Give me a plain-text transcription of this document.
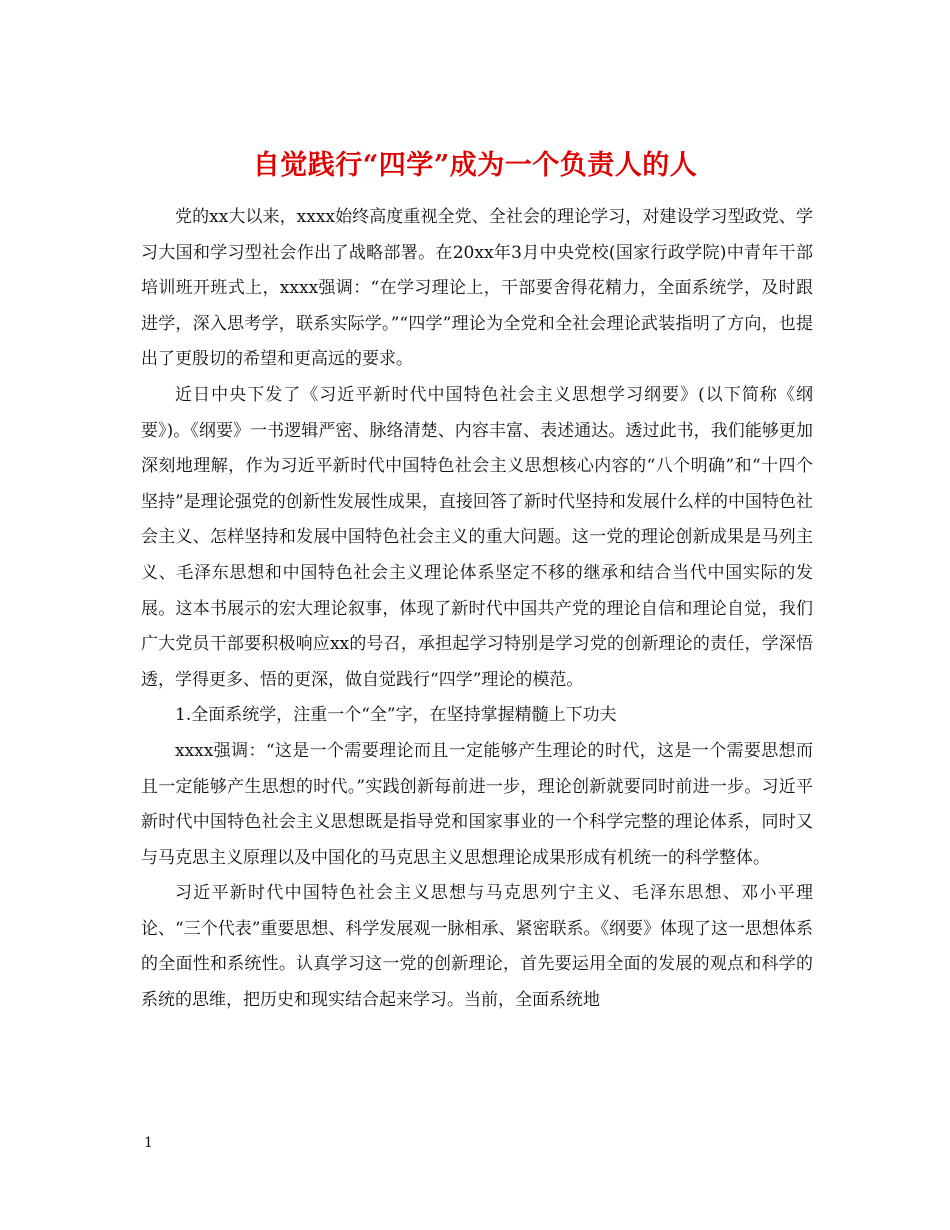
自觉践行“四学”成为一个负责人的人

党的xx大以来，xxxx始终高度重视全党、全社会的理论学习，对建设学习型政党、学习大国和学习型社会作出了战略部署。在20xx年3月中央党校(国家行政学院)中青年干部培训班开班式上，xxxx强调：“在学习理论上，干部要舍得花精力，全面系统学，及时跟进学，深入思考学，联系实际学。”“四学”理论为全党和全社会理论武装指明了方向，也提出了更殷切的希望和更高远的要求。

近日中央下发了《习近平新时代中国特色社会主义思想学习纲要》(以下简称《纲要》)。《纲要》一书逻辑严密、脉络清楚、内容丰富、表述通达。透过此书，我们能够更加深刻地理解，作为习近平新时代中国特色社会主义思想核心内容的“八个明确”和“十四个坚持”是理论强党的创新性发展性成果，直接回答了新时代坚持和发展什么样的中国特色社会主义、怎样坚持和发展中国特色社会主义的重大问题。这一党的理论创新成果是马列主义、毛泽东思想和中国特色社会主义理论体系坚定不移的继承和结合当代中国实际的发展。这本书展示的宏大理论叙事，体现了新时代中国共产党的理论自信和理论自觉，我们广大党员干部要积极响应xx的号召，承担起学习特别是学习党的创新理论的责任，学深悟透，学得更多、悟的更深，做自觉践行“四学”理论的模范。

1.全面系统学，注重一个“全”字，在坚持掌握精髓上下功夫

xxxx强调：“这是一个需要理论而且一定能够产生理论的时代，这是一个需要思想而且一定能够产生思想的时代。”实践创新每前进一步，理论创新就要同时前进一步。习近平新时代中国特色社会主义思想既是指导党和国家事业的一个科学完整的理论体系，同时又与马克思主义原理以及中国化的马克思主义思想理论成果形成有机统一的科学整体。

习近平新时代中国特色社会主义思想与马克思列宁主义、毛泽东思想、邓小平理论、“三个代表”重要思想、科学发展观一脉相承、紧密联系。《纲要》体现了这一思想体系的全面性和系统性。认真学习这一党的创新理论，首先要运用全面的发展的观点和科学的系统的思维，把历史和现实结合起来学习。当前，全面系统地

1
